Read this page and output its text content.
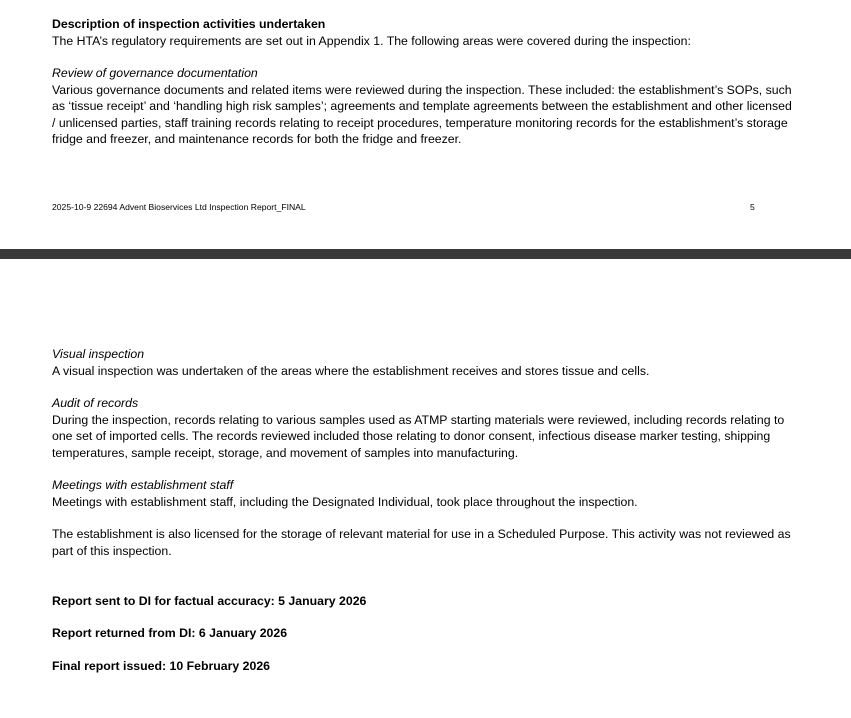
Description of inspection activities undertaken

The HTA’s regulatory requirements are set out in Appendix 1. The following areas were covered during the inspection:

Review of governance documentation

Various governance documents and related items were reviewed during the inspection. These included: the establishment’s SOPs, such

as ‘tissue receipt’ and ‘handling high risk samples’; agreements and template agreements between the establishment and other licensed

/ unlicensed parties, staff training records relating to receipt procedures, temperature monitoring records for the establishment’s storage

fridge and freezer, and maintenance records for both the fridge and freezer.

2025-10-9 22694 Advent Bioservices Ltd Inspection Report_FINAL	5

Visual inspection

A visual inspection was undertaken of the areas where the establishment receives and stores tissue and cells.

Audit of records

During the inspection, records relating to various samples used as ATMP starting materials were reviewed, including records relating to

one set of imported cells. The records reviewed included those relating to donor consent, infectious disease marker testing, shipping

temperatures, sample receipt, storage, and movement of samples into manufacturing.

Meetings with establishment staff

Meetings with establishment staff, including the Designated Individual, took place throughout the inspection.

The establishment is also licensed for the storage of relevant material for use in a Scheduled Purpose. This activity was not reviewed as

part of this inspection.

Report sent to DI for factual accuracy: 5 January 2026
Report returned from DI: 6 January 2026
Final report issued: 10 February 2026
